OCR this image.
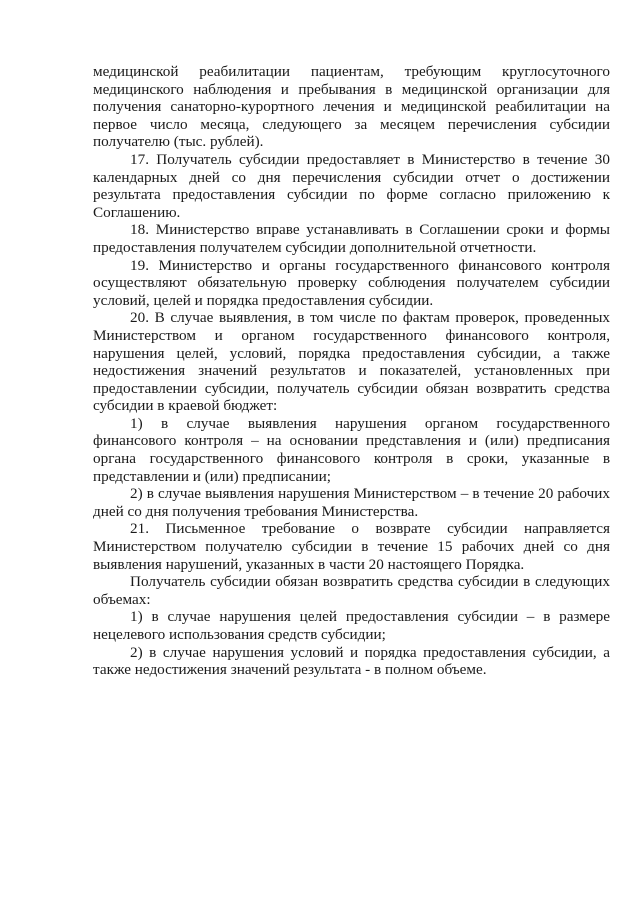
медицинской реабилитации пациентам, требующим круглосуточного медицинского наблюдения и пребывания в медицинской организации для получения санаторно-курортного лечения и медицинской реабилитации на первое число месяца, следующего за месяцем перечисления субсидии получателю (тыс. рублей).

17. Получатель субсидии предоставляет в Министерство в течение 30 календарных дней со дня перечисления субсидии отчет о достижении результата предоставления субсидии по форме согласно приложению к Соглашению.

18. Министерство вправе устанавливать в Соглашении сроки и формы предоставления получателем субсидии дополнительной отчетности.

19. Министерство и органы государственного финансового контроля осуществляют обязательную проверку соблюдения получателем субсидии условий, целей и порядка предоставления субсидии.

20. В случае выявления, в том числе по фактам проверок, проведенных Министерством и органом государственного финансового контроля, нарушения целей, условий, порядка предоставления субсидии, а также недостижения значений результатов и показателей, установленных при предоставлении субсидии, получатель субсидии обязан возвратить средства субсидии в краевой бюджет:

1) в случае выявления нарушения органом государственного финансового контроля – на основании представления и (или) предписания органа государственного финансового контроля в сроки, указанные в представлении и (или) предписании;

2) в случае выявления нарушения Министерством – в течение 20 рабочих дней со дня получения требования Министерства.

21. Письменное требование о возврате субсидии направляется Министерством получателю субсидии в течение 15 рабочих дней со дня выявления нарушений, указанных в части 20 настоящего Порядка.

Получатель субсидии обязан возвратить средства субсидии в следующих объемах:

1) в случае нарушения целей предоставления субсидии – в размере нецелевого использования средств субсидии;

2) в случае нарушения условий и порядка предоставления субсидии, а также недостижения значений результата - в полном объеме.
